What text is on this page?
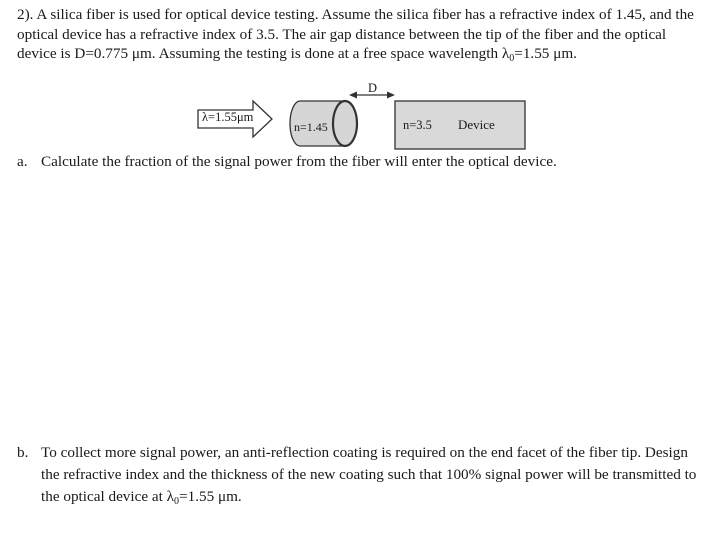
2). A silica fiber is used for optical device testing. Assume the silica fiber has a refractive index of 1.45, and the optical device has a refractive index of 3.5. The air gap distance between the tip of the fiber and the optical device is D=0.775 μm. Assuming the testing is done at a free space wavelength λ0=1.55 μm.
λ=1.55μm
n=1.45
D
n=3.5 Device
a. Calculate the fraction of the signal power from the fiber will enter the optical device.
b. To collect more signal power, an anti-reflection coating is required on the end facet of the fiber tip. Design the refractive index and the thickness of the new coating such that 100% signal power will be transmitted to the optical device at λ0=1.55 μm.
